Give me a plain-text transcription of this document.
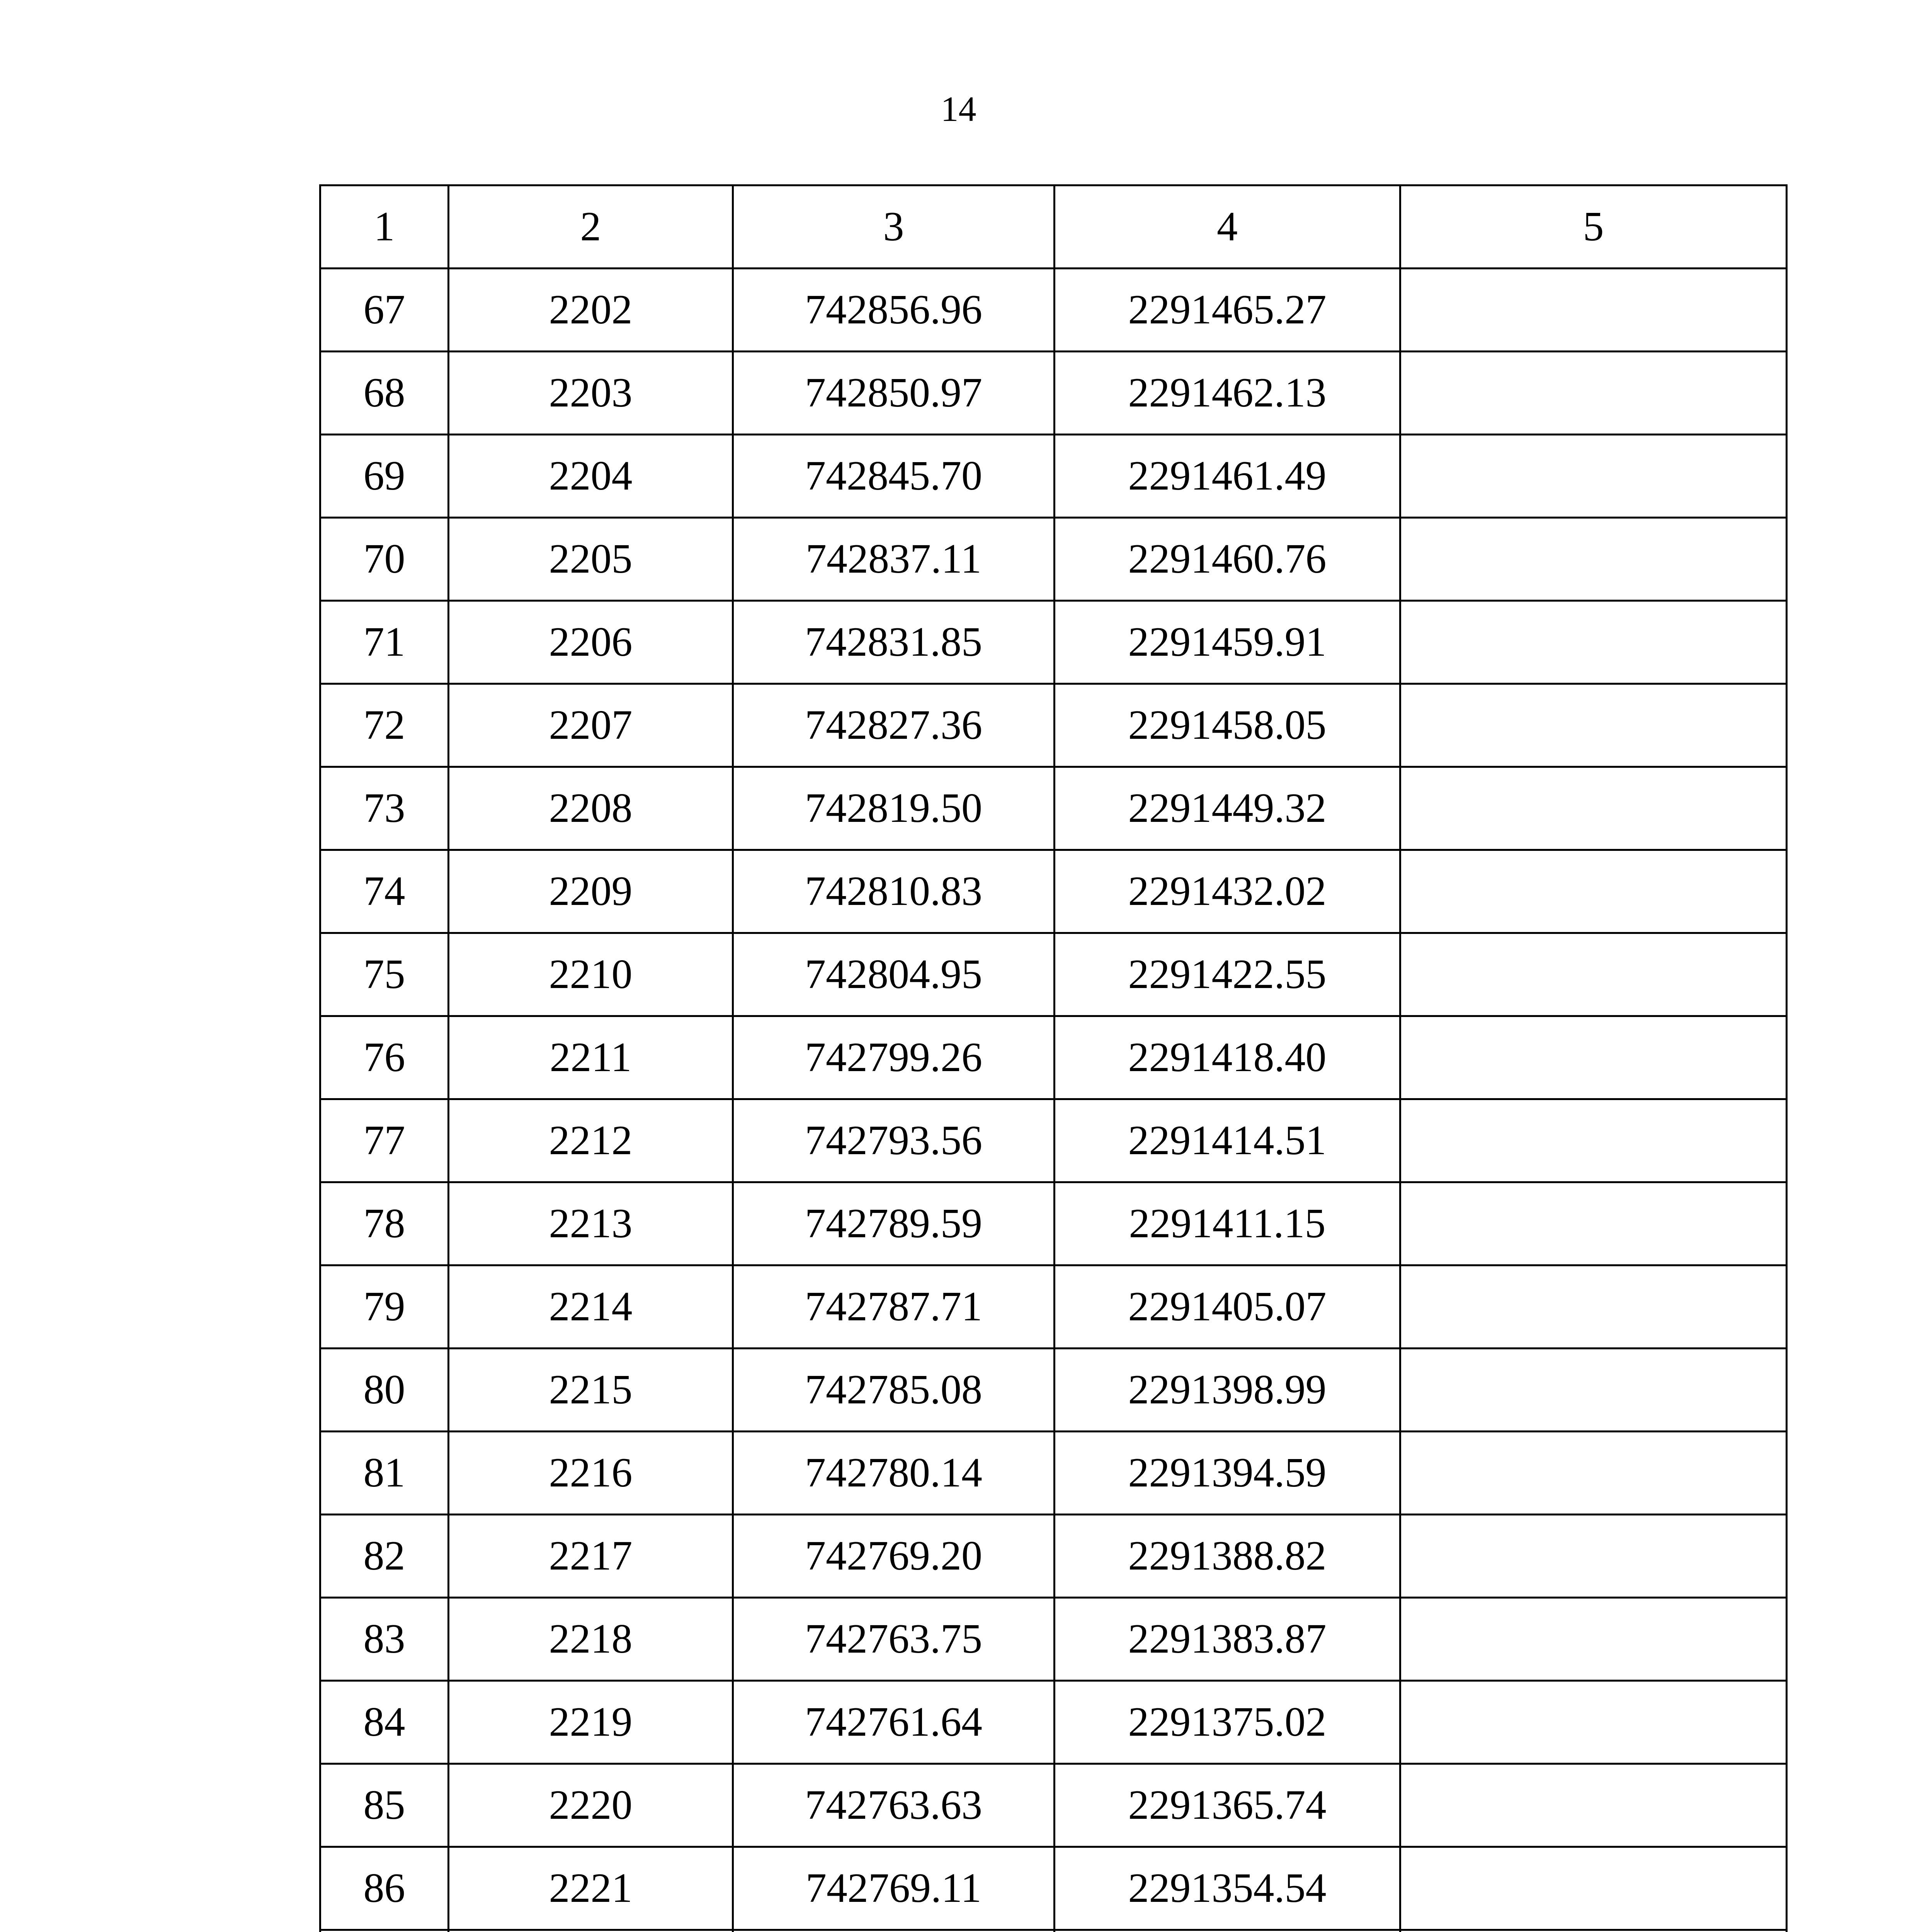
14
1	2	3	4	5
67	2202	742856.96	2291465.27	
68	2203	742850.97	2291462.13	
69	2204	742845.70	2291461.49	
70	2205	742837.11	2291460.76	
71	2206	742831.85	2291459.91	
72	2207	742827.36	2291458.05	
73	2208	742819.50	2291449.32	
74	2209	742810.83	2291432.02	
75	2210	742804.95	2291422.55	
76	2211	742799.26	2291418.40	
77	2212	742793.56	2291414.51	
78	2213	742789.59	2291411.15	
79	2214	742787.71	2291405.07	
80	2215	742785.08	2291398.99	
81	2216	742780.14	2291394.59	
82	2217	742769.20	2291388.82	
83	2218	742763.75	2291383.87	
84	2219	742761.64	2291375.02	
85	2220	742763.63	2291365.74	
86	2221	742769.11	2291354.54	
